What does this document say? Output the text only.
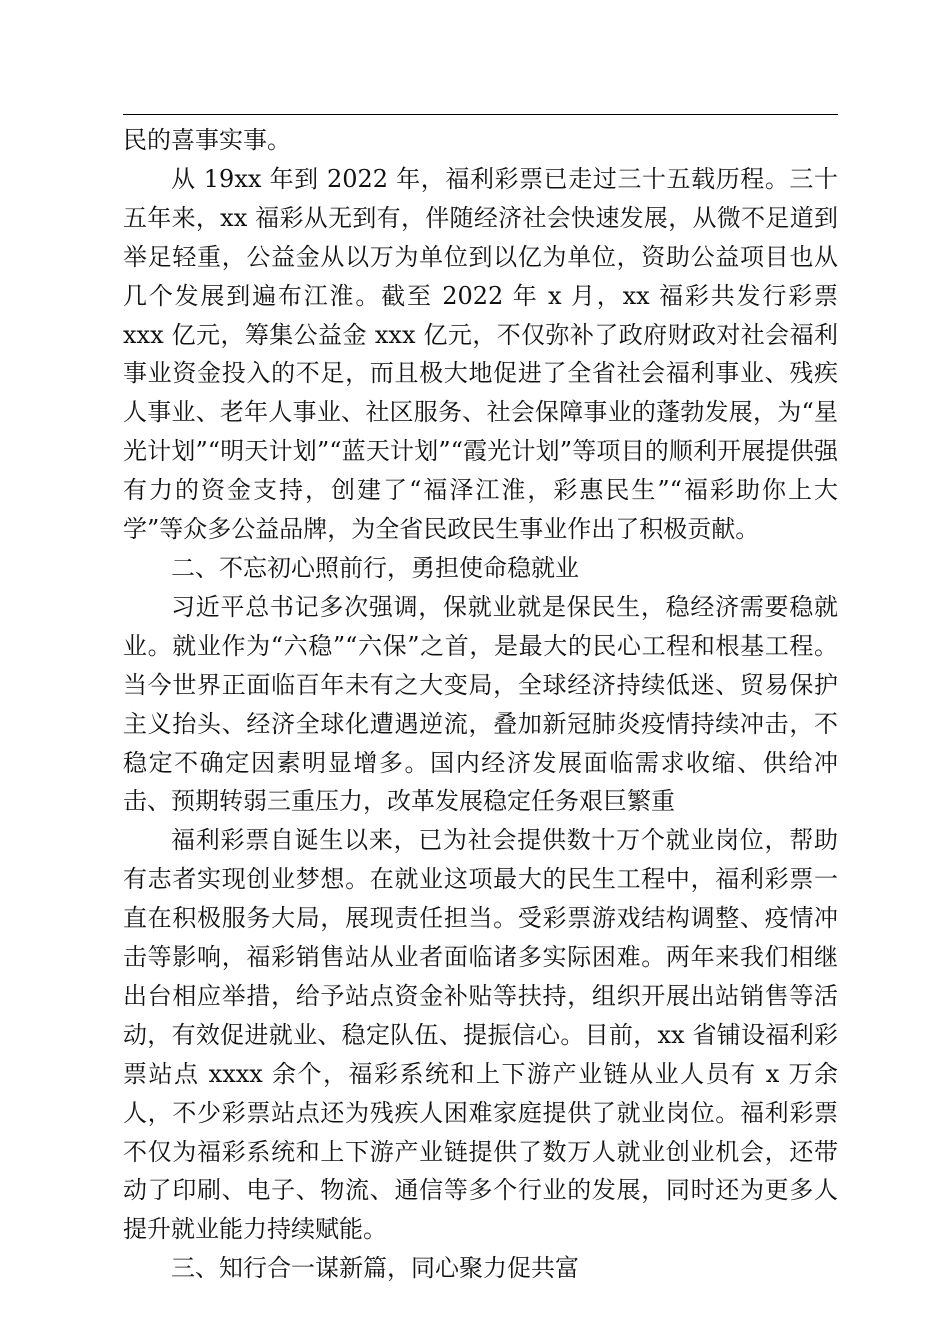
民的喜事实事。

从 19xx 年到 2022 年，福利彩票已走过三十五载历程。三十五年来，xx 福彩从无到有，伴随经济社会快速发展，从微不足道到举足轻重，公益金从以万为单位到以亿为单位，资助公益项目也从几个发展到遍布江淮。截至 2022 年 x 月，xx 福彩共发行彩票 xxx 亿元，筹集公益金 xxx 亿元，不仅弥补了政府财政对社会福利事业资金投入的不足，而且极大地促进了全省社会福利事业、残疾人事业、老年人事业、社区服务、社会保障事业的蓬勃发展，为“星光计划”“明天计划”“蓝天计划”“霞光计划”等项目的顺利开展提供强有力的资金支持，创建了“福泽江淮，彩惠民生”“福彩助你上大学”等众多公益品牌，为全省民政民生事业作出了积极贡献。

二、不忘初心照前行，勇担使命稳就业

习近平总书记多次强调，保就业就是保民生，稳经济需要稳就业。就业作为“六稳”“六保”之首，是最大的民心工程和根基工程。当今世界正面临百年未有之大变局，全球经济持续低迷、贸易保护主义抬头、经济全球化遭遇逆流，叠加新冠肺炎疫情持续冲击，不稳定不确定因素明显增多。国内经济发展面临需求收缩、供给冲击、预期转弱三重压力，改革发展稳定任务艰巨繁重

福利彩票自诞生以来，已为社会提供数十万个就业岗位，帮助有志者实现创业梦想。在就业这项最大的民生工程中，福利彩票一直在积极服务大局，展现责任担当。受彩票游戏结构调整、疫情冲击等影响，福彩销售站从业者面临诸多实际困难。两年来我们相继出台相应举措，给予站点资金补贴等扶持，组织开展出站销售等活动，有效促进就业、稳定队伍、提振信心。目前，xx 省铺设福利彩票站点 xxxx 余个，福彩系统和上下游产业链从业人员有 x 万余人，不少彩票站点还为残疾人困难家庭提供了就业岗位。福利彩票不仅为福彩系统和上下游产业链提供了数万人就业创业机会，还带动了印刷、电子、物流、通信等多个行业的发展，同时还为更多人提升就业能力持续赋能。

三、知行合一谋新篇，同心聚力促共富
